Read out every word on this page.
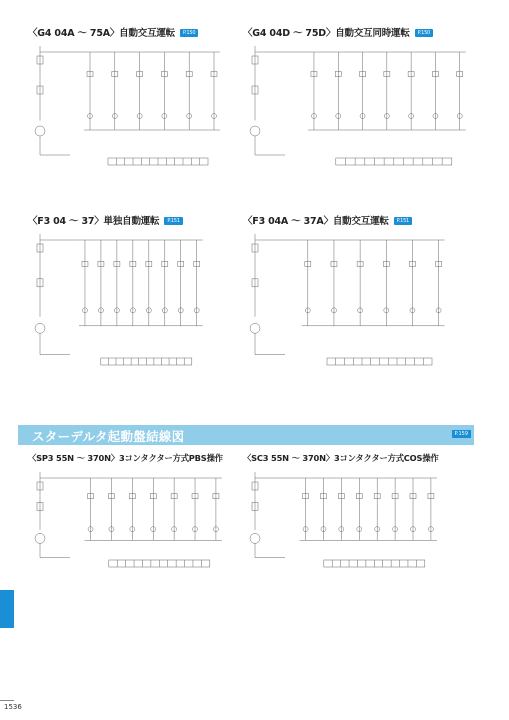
〈G4 04A ～ 75A〉自動交互運転 P.150	〈G4 04D ～ 75D〉自動交互同時運転 P.150
〈F3 04 ～ 37〉単独自動運転 P.151	〈F3 04A ～ 37A〉自動交互運転 P.151
〈SP3 55N ～ 370N〉3コンタクター方式PBS操作 〈SC3 55N ～ 370N〉3コンタクター方式COS操作
スターデルタ起動盤結線図	P.159
1536
